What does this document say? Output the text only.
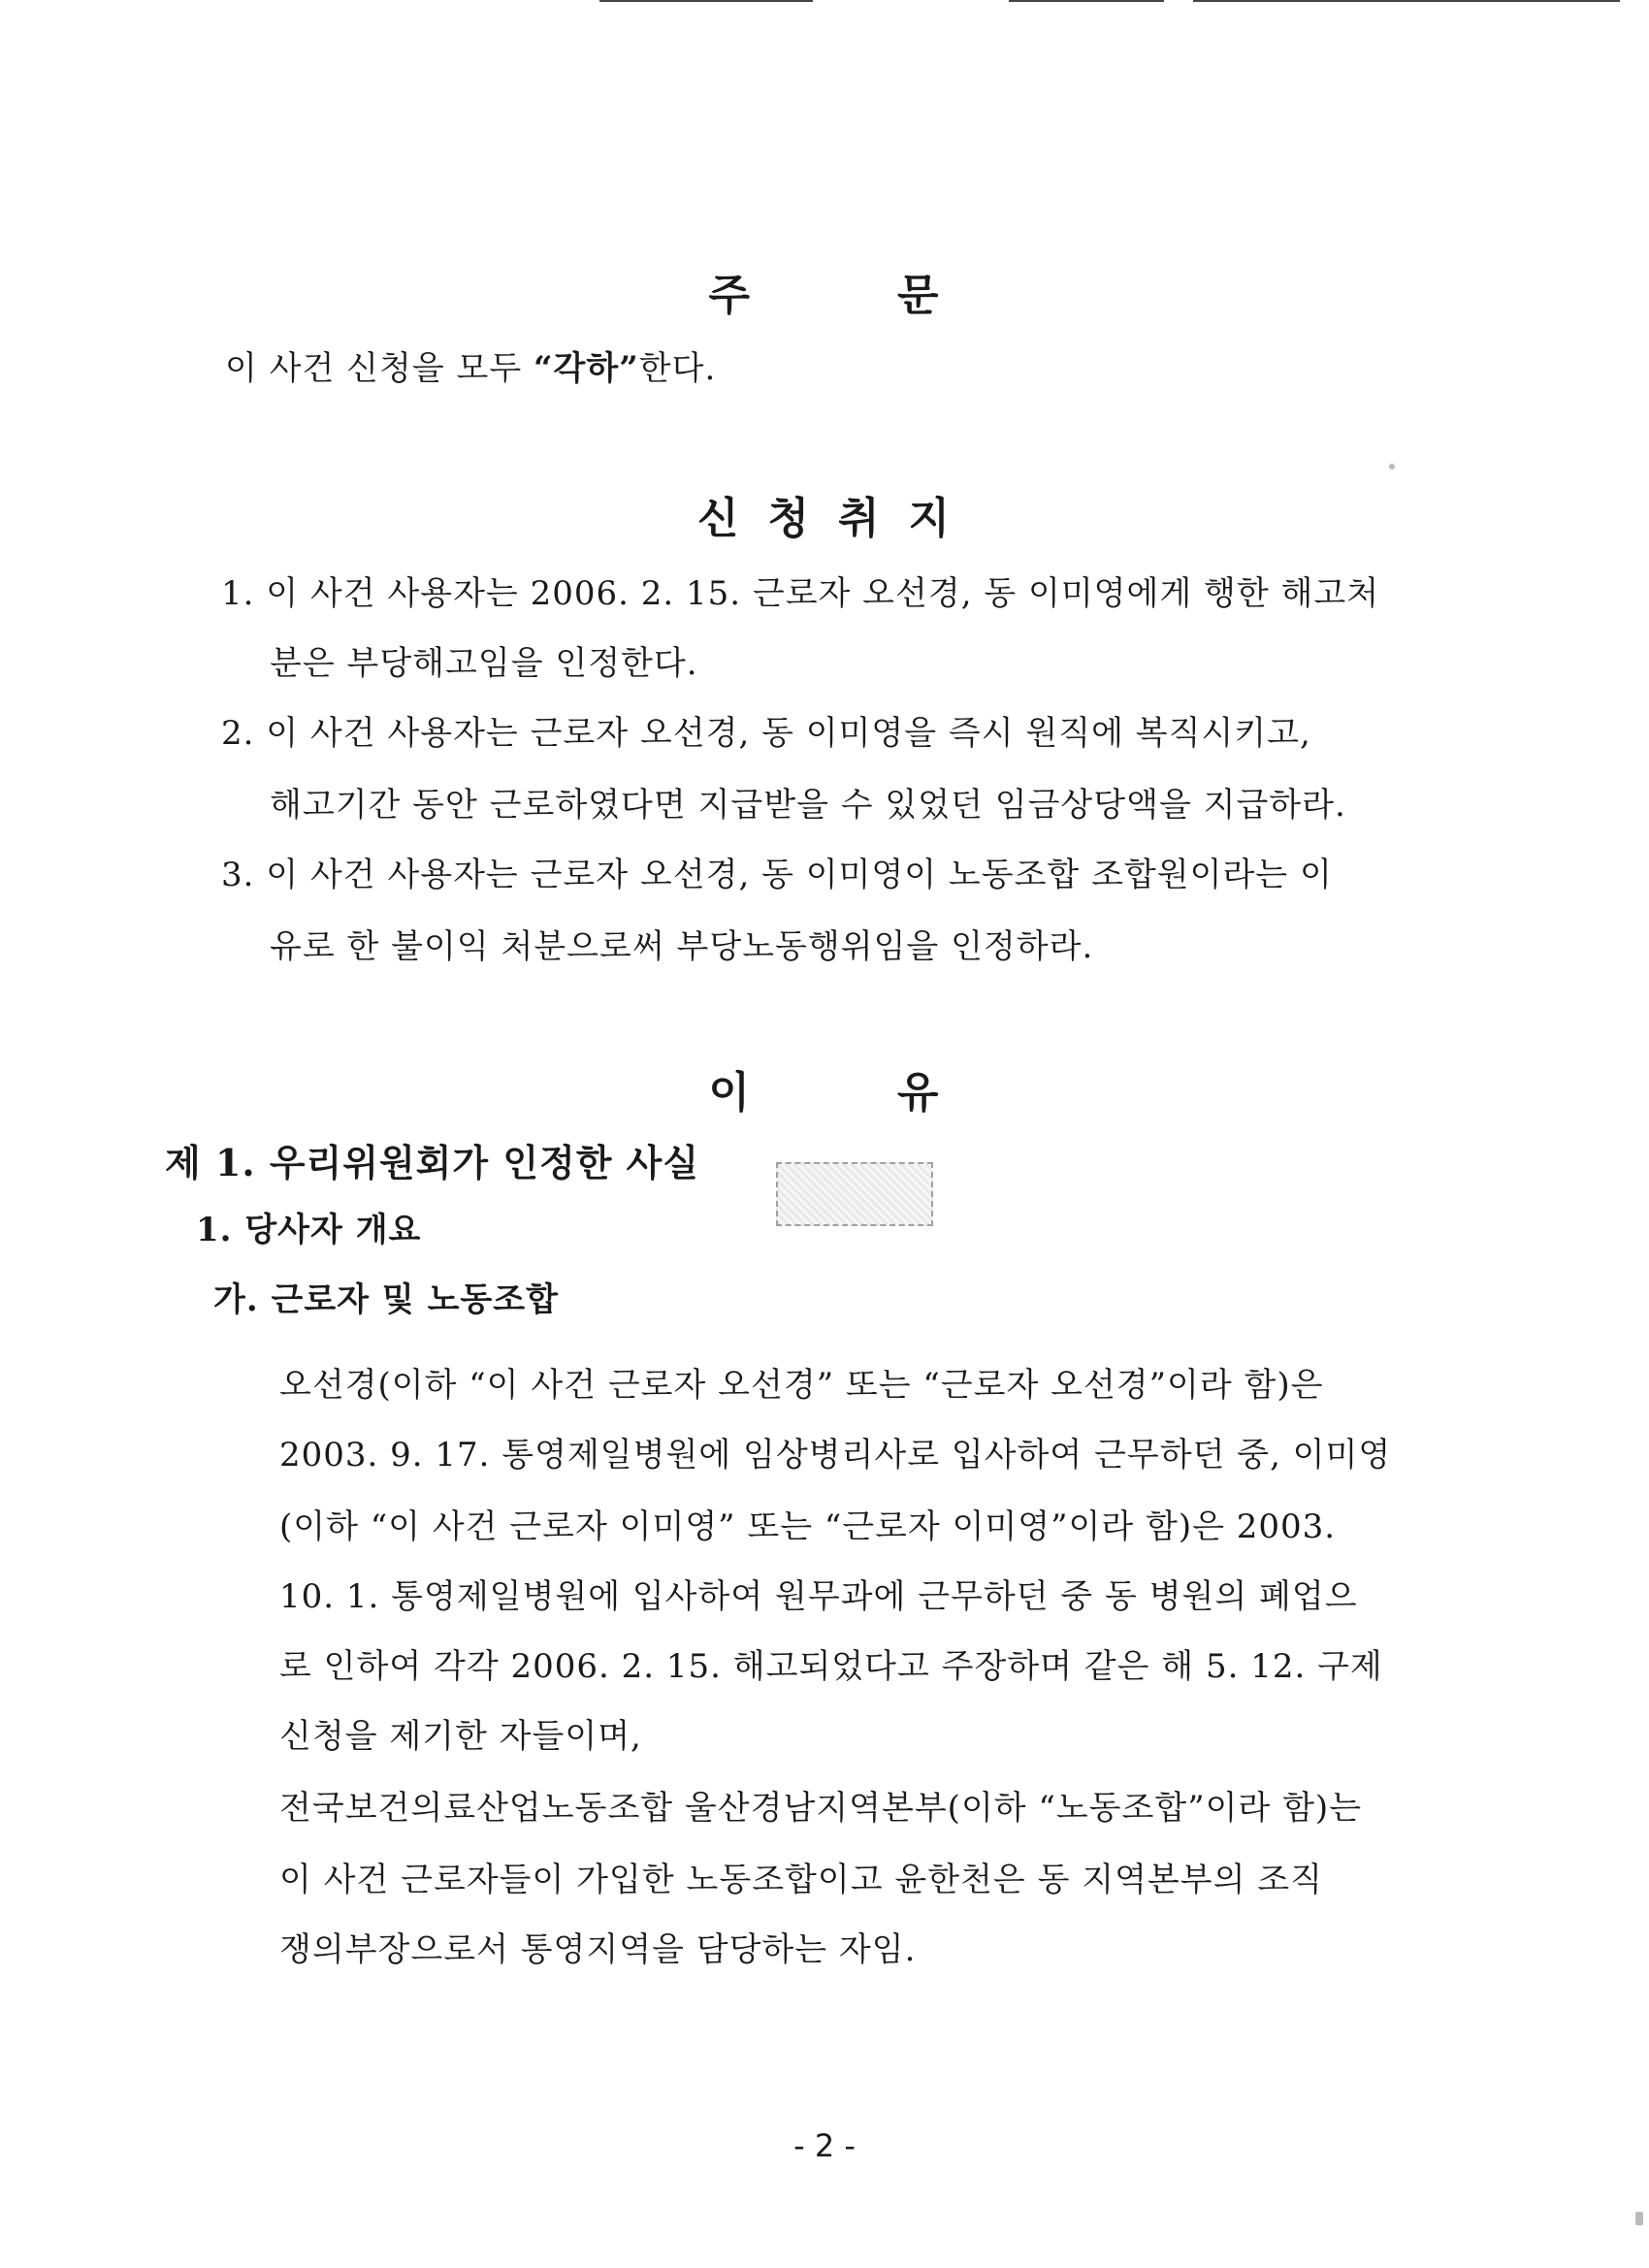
주	문
이 사건 신청을 모두 “각하”한다.
신 청 취 지
1. 이 사건 사용자는 2006. 2. 15. 근로자 오선경, 동 이미영에게 행한 해고처
분은 부당해고임을 인정한다.
2. 이 사건 사용자는 근로자 오선경, 동 이미영을 즉시 원직에 복직시키고,
해고기간 동안 근로하였다면 지급받을 수 있었던 임금상당액을 지급하라.
3. 이 사건 사용자는 근로자 오선경, 동 이미영이 노동조합 조합원이라는 이
유로 한 불이익 처분으로써 부당노동행위임을 인정하라.
이	유
제 1. 우리위원회가 인정한 사실
1. 당사자 개요
가. 근로자 및 노동조합
오선경(이하 “이 사건 근로자 오선경” 또는 “근로자 오선경”이라 함)은
2003. 9. 17. 통영제일병원에 임상병리사로 입사하여 근무하던 중, 이미영
(이하 “이 사건 근로자 이미영” 또는 “근로자 이미영”이라 함)은 2003.
10. 1. 통영제일병원에 입사하여 원무과에 근무하던 중 동 병원의 폐업으
로 인하여 각각 2006. 2. 15. 해고되었다고 주장하며 같은 해 5. 12. 구제
신청을 제기한 자들이며,
전국보건의료산업노동조합 울산경남지역본부(이하 “노동조합”이라 함)는
이 사건 근로자들이 가입한 노동조합이고 윤한천은 동 지역본부의 조직
쟁의부장으로서 통영지역을 담당하는 자임.
- 2 -
